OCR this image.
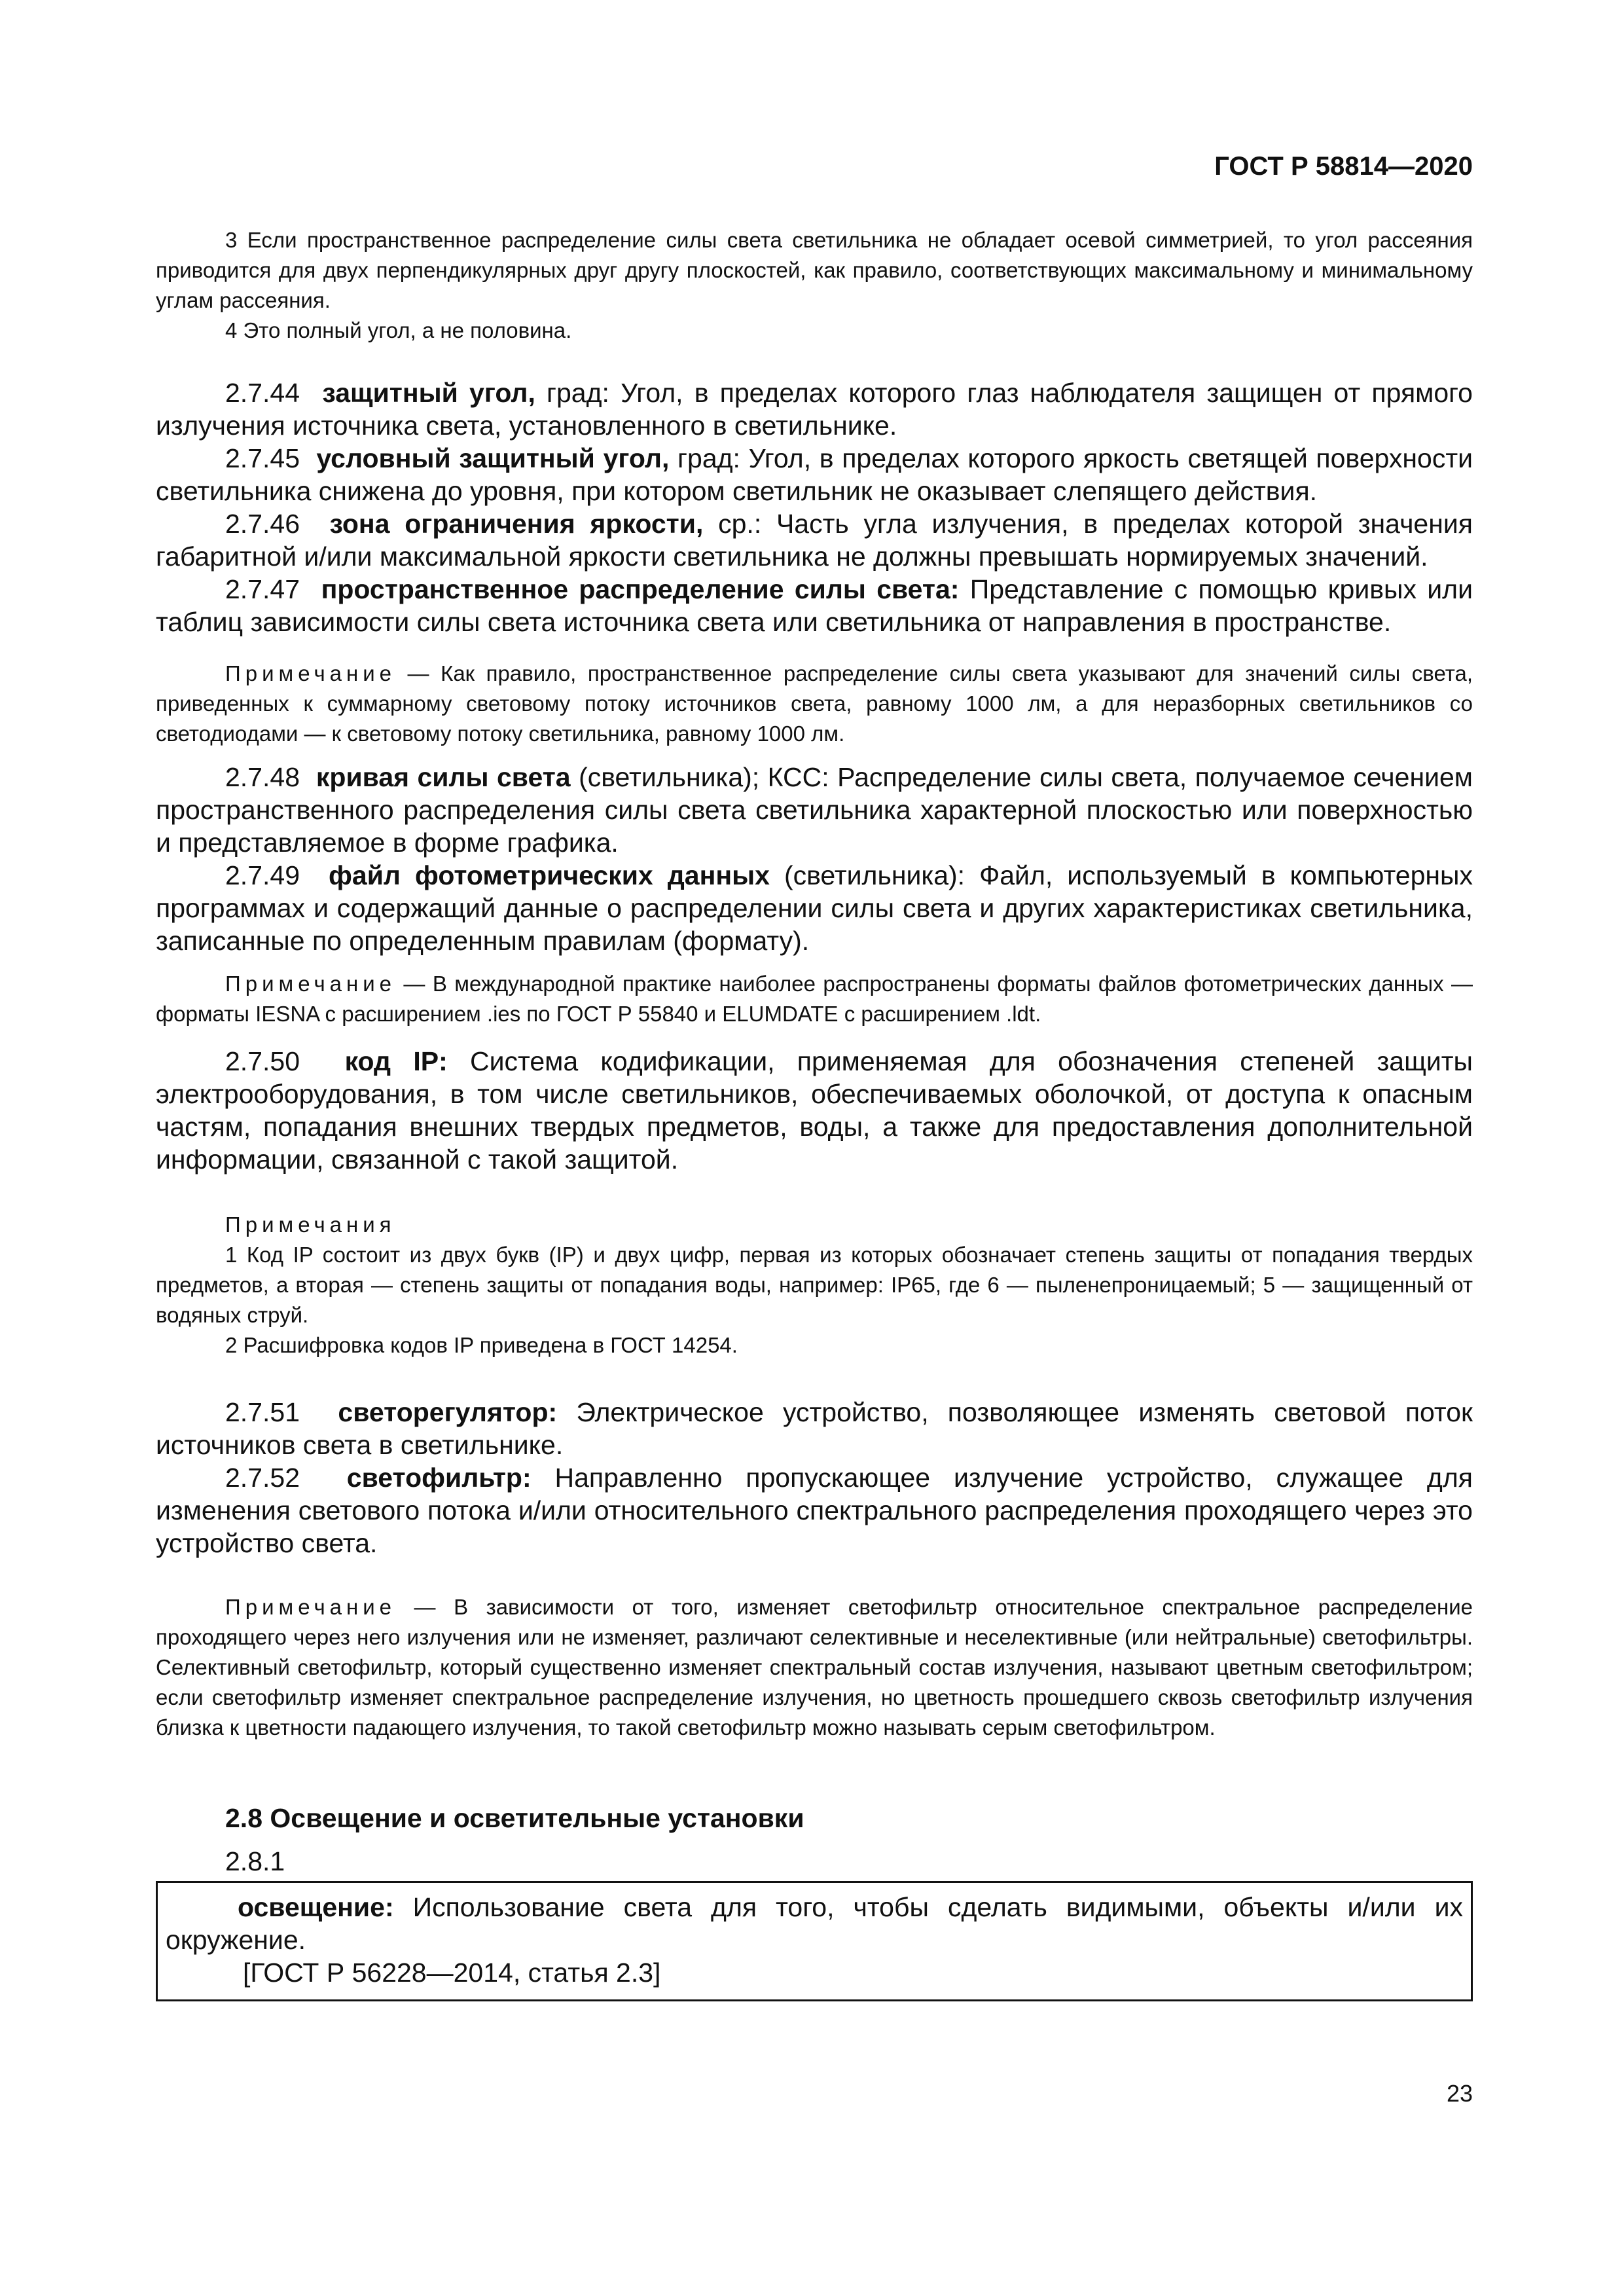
ГОСТ Р 58814—2020

3 Если пространственное распределение силы света светильника не обладает осевой симметрией, то угол рассеяния приводится для двух перпендикулярных друг другу плоскостей, как правило, соответствующих максимальному и минимальному углам рассеяния.

4 Это полный угол, а не половина.

2.7.44 защитный угол, град: Угол, в пределах которого глаз наблюдателя защищен от прямого излучения источника света, установленного в светильнике.

2.7.45 условный защитный угол, град: Угол, в пределах которого яркость светящей поверхности светильника снижена до уровня, при котором светильник не оказывает слепящего действия.

2.7.46 зона ограничения яркости, ср.: Часть угла излучения, в пределах которой значения габаритной и/или максимальной яркости светильника не должны превышать нормируемых значений.

2.7.47 пространственное распределение силы света: Представление с помощью кривых или таблиц зависимости силы света источника света или светильника от направления в пространстве.

Примечание — Как правило, пространственное распределение силы света указывают для значений силы света, приведенных к суммарному световому потоку источников света, равному 1000 лм, а для неразборных светильников со светодиодами — к световому потоку светильника, равному 1000 лм.

2.7.48 кривая силы света (светильника); КСС: Распределение силы света, получаемое сечением пространственного распределения силы света светильника характерной плоскостью или поверхностью и представляемое в форме графика.

2.7.49 файл фотометрических данных (светильника): Файл, используемый в компьютерных программах и содержащий данные о распределении силы света и других характеристиках светильника, записанные по определенным правилам (формату).

Примечание — В международной практике наиболее распространены форматы файлов фотометрических данных — форматы IESNA с расширением .ies по ГОСТ Р 55840 и ELUMDATE с расширением .ldt.

2.7.50 код IP: Система кодификации, применяемая для обозначения степеней защиты электрооборудования, в том числе светильников, обеспечиваемых оболочкой, от доступа к опасным частям, попадания внешних твердых предметов, воды, а также для предоставления дополнительной информации, связанной с такой защитой.

Примечания

1 Код IP состоит из двух букв (IP) и двух цифр, первая из которых обозначает степень защиты от попадания твердых предметов, а вторая — степень защиты от попадания воды, например: IP65, где 6 — пыленепроницаемый; 5 — защищенный от водяных струй.

2 Расшифровка кодов IP приведена в ГОСТ 14254.

2.7.51 светорегулятор: Электрическое устройство, позволяющее изменять световой поток источников света в светильнике.

2.7.52 светофильтр: Направленно пропускающее излучение устройство, служащее для изменения светового потока и/или относительного спектрального распределения проходящего через это устройство света.

Примечание — В зависимости от того, изменяет светофильтр относительное спектральное распределение проходящего через него излучения или не изменяет, различают селективные и неселективные (или нейтральные) светофильтры. Селективный светофильтр, который существенно изменяет спектральный состав излучения, называют цветным светофильтром; если светофильтр изменяет спектральное распределение излучения, но цветность прошедшего сквозь светофильтр излучения близка к цветности падающего излучения, то такой светофильтр можно называть серым светофильтром.

2.8 Освещение и осветительные установки

2.8.1

освещение: Использование света для того, чтобы сделать видимыми, объекты и/или их окружение.

[ГОСТ Р 56228—2014, статья 2.3]

23
